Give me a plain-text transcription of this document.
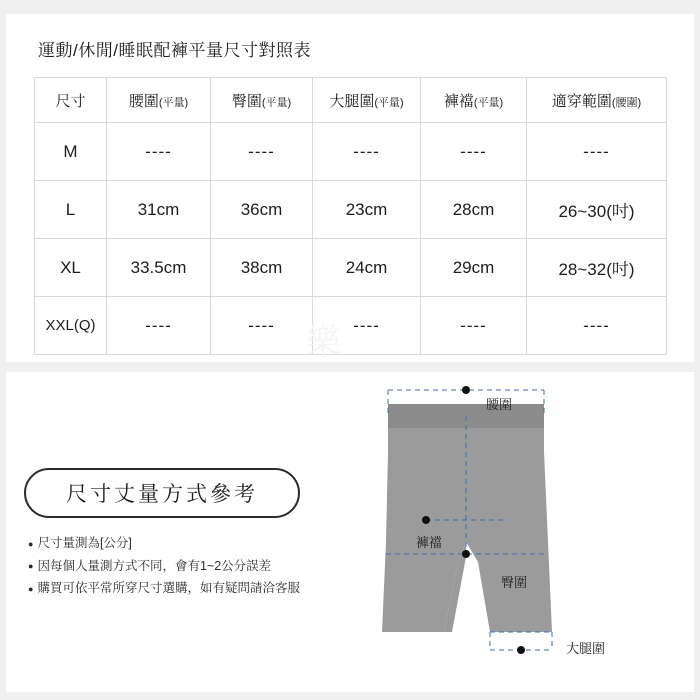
運動/休閒/睡眠配褲平量尺寸對照表
尺寸	腰圍(平量)	臀圍(平量)	大腿圍(平量)	褲襠(平量)	適穿範圍(腰圍)
M	----	----	----	----	----
L	31cm	36cm	23cm	28cm	26~30(吋)
XL	33.5cm	38cm	24cm	29cm	28~32(吋)
XXL(Q)	----	----	----	----	----
樂
尺寸丈量方式參考
● 尺寸量測為[公分]
● 因每個人量測方式不同，會有1~2公分誤差
● 購買可依平常所穿尺寸選購，如有疑問請洽客服
腰圍
褲襠
臀圍
大腿圍
